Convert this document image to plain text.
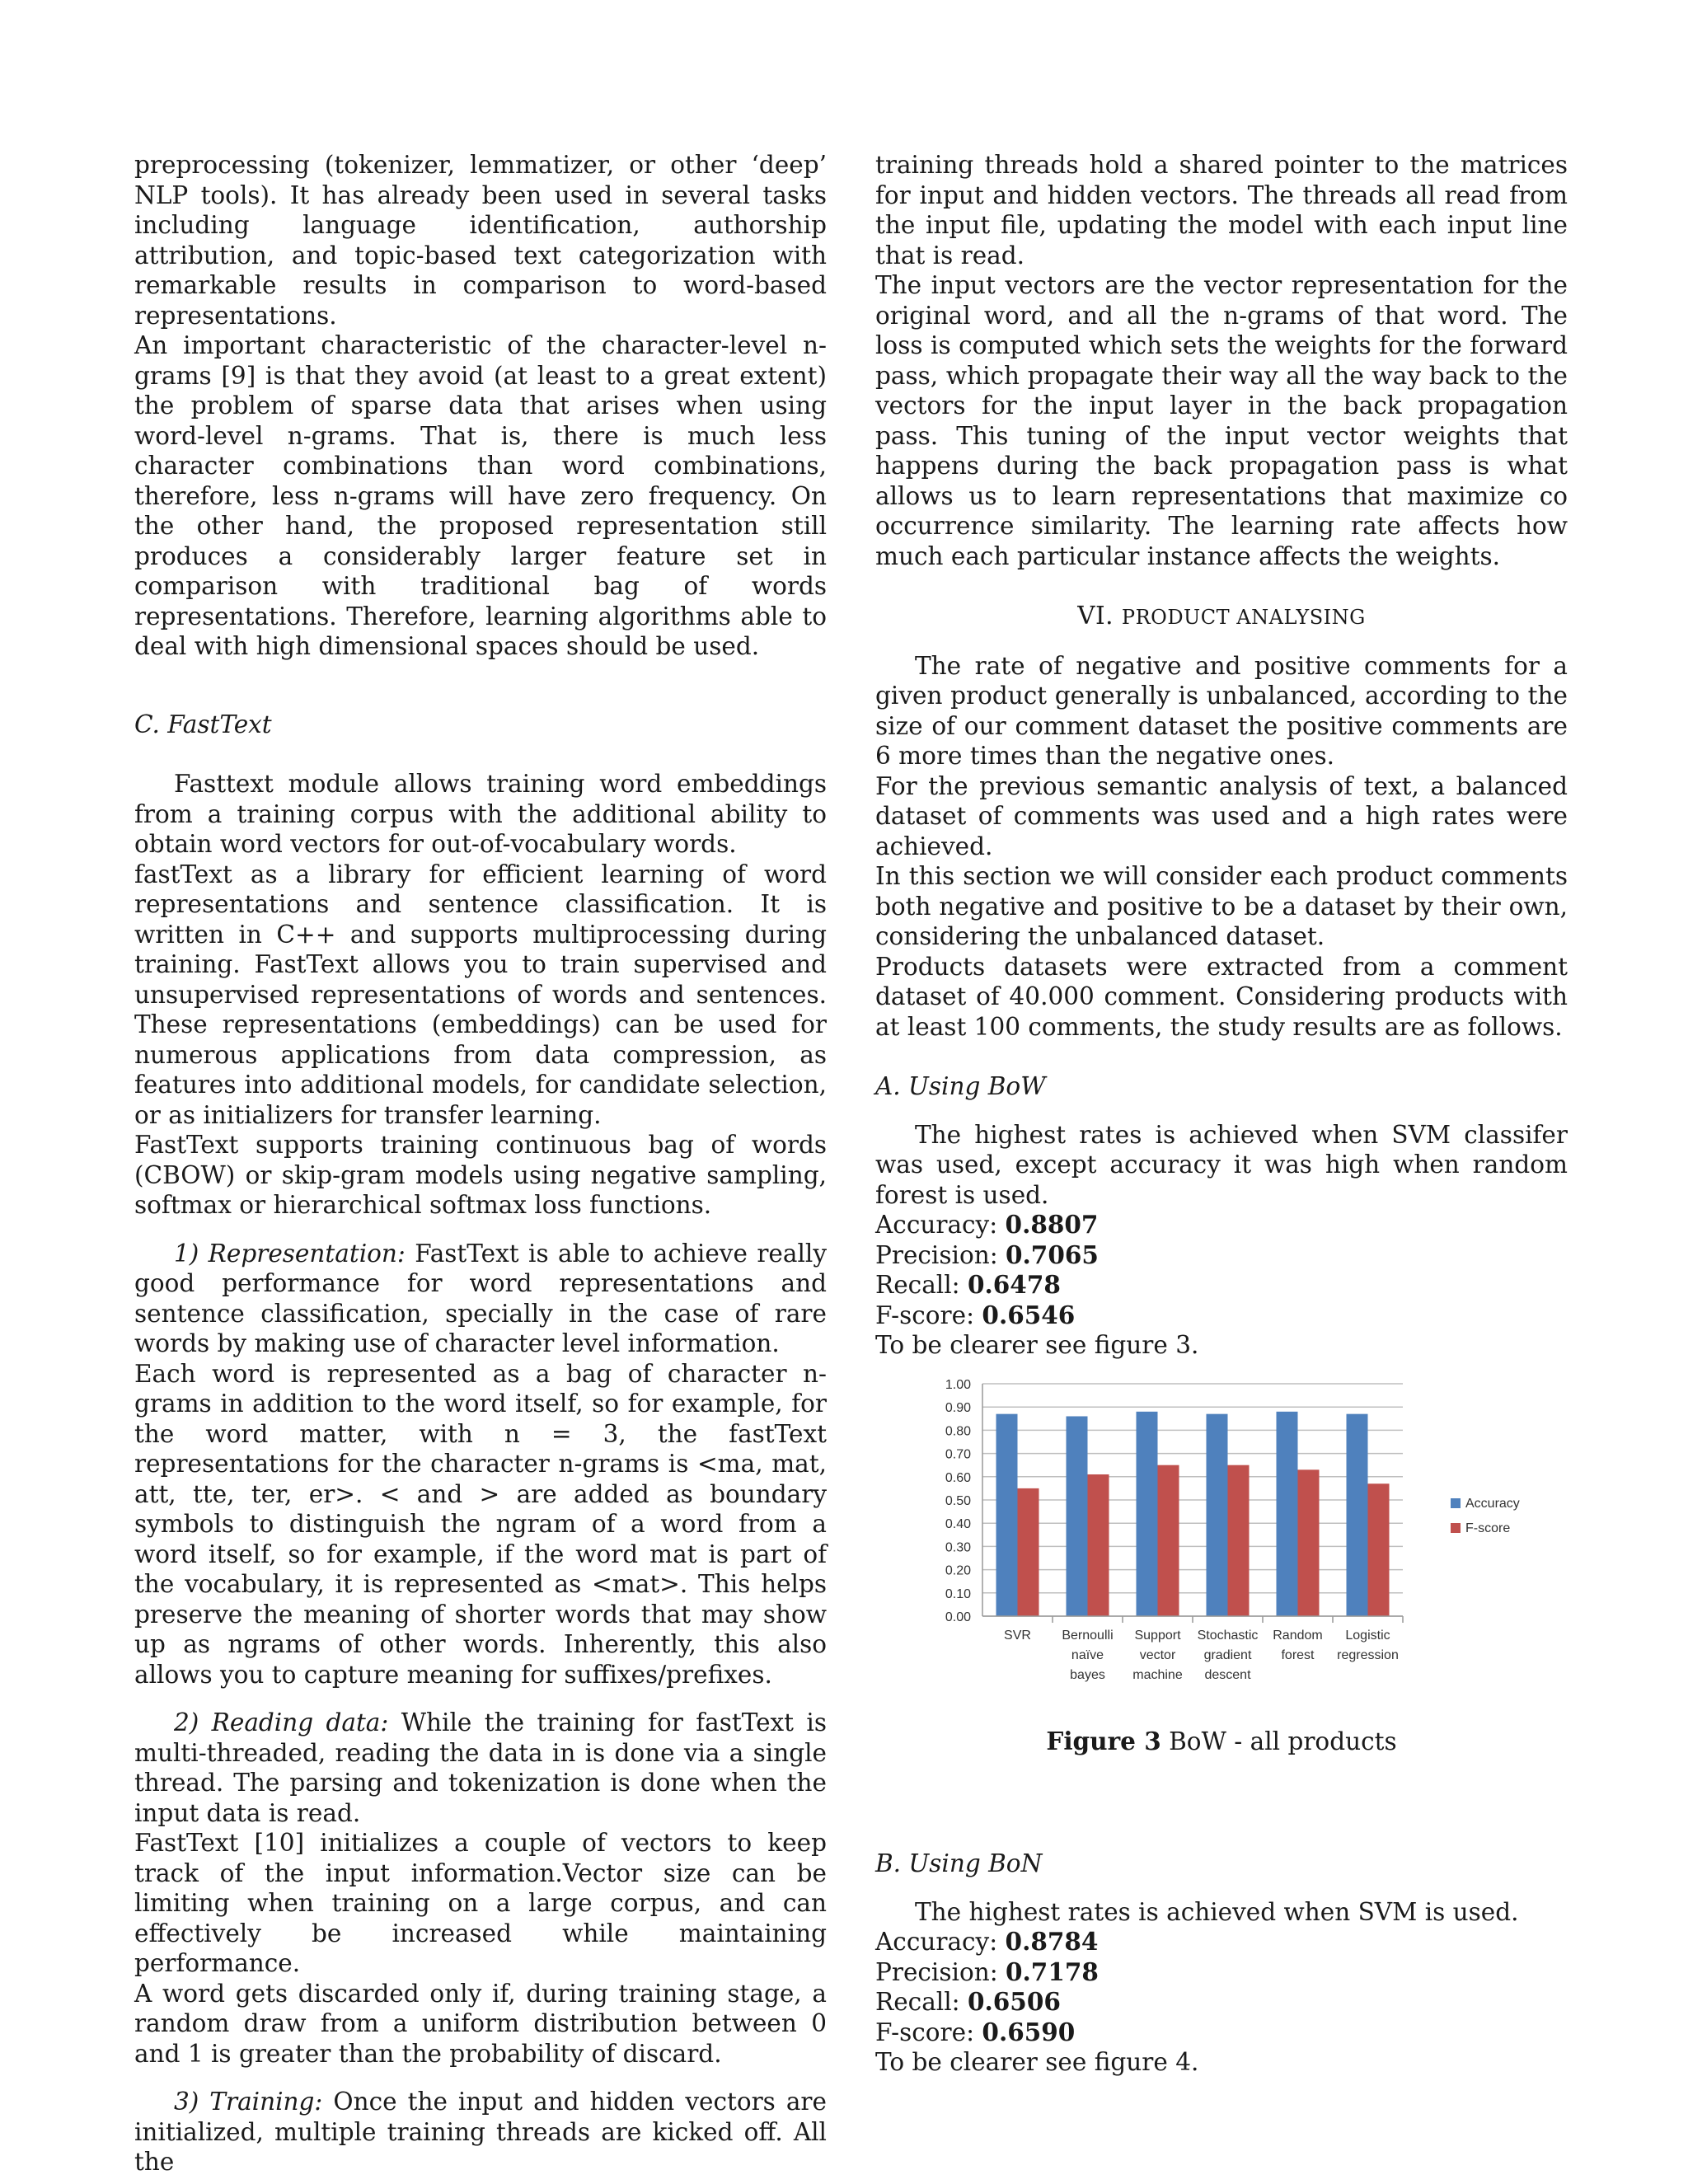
preprocessing (tokenizer, lemmatizer, or other ‘deep’ NLP tools). It has already been used in several tasks including language identification, authorship attribution, and topic-based text categorization with remarkable results in comparison to word-based representations.

An important characteristic of the character-level n-grams [9] is that they avoid (at least to a great extent) the problem of sparse data that arises when using word-level n-grams. That is, there is much less character combinations than word combinations, therefore, less n-grams will have zero frequency. On the other hand, the proposed representation still produces a considerably larger feature set in comparison with traditional bag of words representations. Therefore, learning algorithms able to deal with high dimensional spaces should be used.

C. FastText

Fasttext module allows training word embeddings from a training corpus with the additional ability to obtain word vectors for out-of-vocabulary words.

fastText as a library for efficient learning of word representations and sentence classification. It is written in C++ and supports multiprocessing during training. FastText allows you to train supervised and unsupervised representations of words and sentences. These representations (embeddings) can be used for numerous applications from data compression, as features into additional models, for candidate selection, or as initializers for transfer learning.

FastText supports training continuous bag of words (CBOW) or skip-gram models using negative sampling, softmax or hierarchical softmax loss functions.

1) Representation: FastText is able to achieve really good performance for word representations and sentence classification, specially in the case of rare words by making use of character level information.

Each word is represented as a bag of character n-grams in addition to the word itself, so for example, for the word matter, with n = 3, the fastText representations for the character n-grams is <ma, mat, att, tte, ter, er>. < and > are added as boundary symbols to distinguish the ngram of a word from a word itself, so for example, if the word mat is part of the vocabulary, it is represented as <mat>. This helps preserve the meaning of shorter words that may show up as ngrams of other words. Inherently, this also allows you to capture meaning for suffixes/prefixes.

2) Reading data: While the training for fastText is multi-threaded, reading the data in is done via a single thread. The parsing and tokenization is done when the input data is read.

FastText [10] initializes a couple of vectors to keep track of the input information.Vector size can be limiting when training on a large corpus, and can effectively be increased while maintaining performance.

A word gets discarded only if, during training stage, a random draw from a uniform distribution between 0 and 1 is greater than the probability of discard.

3) Training: Once the input and hidden vectors are initialized, multiple training threads are kicked off. All the

training threads hold a shared pointer to the matrices for input and hidden vectors. The threads all read from the input file, updating the model with each input line that is read.

The input vectors are the vector representation for the original word, and all the n-grams of that word. The loss is computed which sets the weights for the forward pass, which propagate their way all the way back to the vectors for the input layer in the back propagation pass. This tuning of the input vector weights that happens during the back propagation pass is what allows us to learn representations that maximize co occurrence similarity. The learning rate affects how much each particular instance affects the weights.

VI. PRODUCT ANALYSING

The rate of negative and positive comments for a given product generally is unbalanced, according to the size of our comment dataset the positive comments are 6 more times than the negative ones.

For the previous semantic analysis of text, a balanced dataset of comments was used and a high rates were achieved.

In this section we will consider each product comments both negative and positive to be a dataset by their own, considering the unbalanced dataset.

Products datasets were extracted from a comment dataset of 40.000 comment. Considering products with at least 100 comments, the study results are as follows.

A. Using BoW

The highest rates is achieved when SVM classifer was used, except accuracy it was high when random forest is used.

Accuracy: 0.8807

Precision: 0.7065

Recall: 0.6478

F-score: 0.6546

To be clearer see figure 3.

0.00
0.10
0.20
0.30
0.40
0.50
0.60
0.70
0.80
0.90
1.00
SVR Bernoulli
naïve
bayes
Support
vector
machine
Stochastic
gradient
descent
Random
forest
Logistic
regression
Accuracy
F-score

Figure 3 BoW - all products

B. Using BoN

The highest rates is achieved when SVM is used.

Accuracy: 0.8784

Precision: 0.7178

Recall: 0.6506

F-score: 0.6590

To be clearer see figure 4.
